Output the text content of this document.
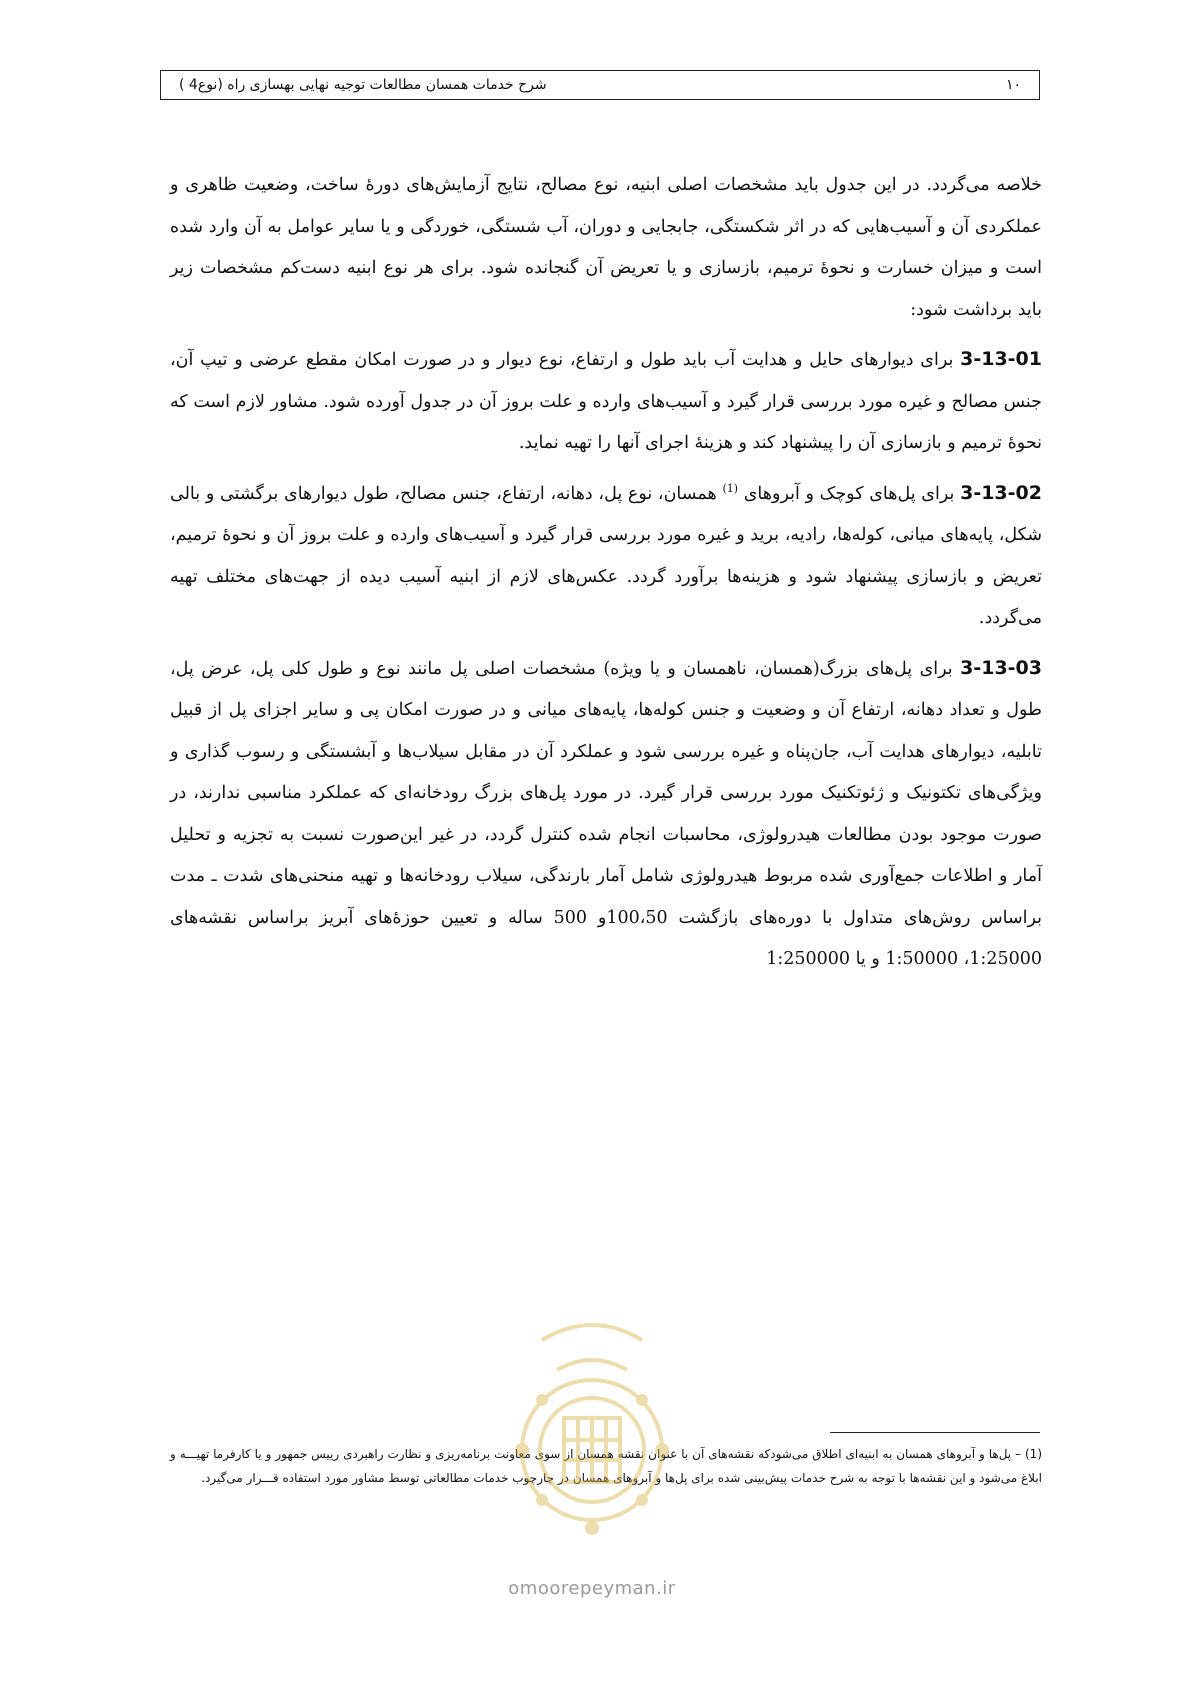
شرح خدمات همسان مطالعات توجیه نهایی بهسازی راه (نوع4 )	۱۰

خلاصه می‌گردد. در این جدول باید مشخصات اصلی ابنیه، نوع مصالح، نتایج آزمایش‌های دورهٔ ساخت، وضعیت ظاهری و عملکردی آن و آسیب‌هایی که در اثر شکستگی، جابجایی و دوران، آب شستگی، خوردگی و یا سایر عوامل به آن وارد شده است و میزان خسارت و نحوهٔ ترمیم، بازسازی و یا تعریض آن گنجانده شود. برای هر نوع ابنیه دست‌کم مشخصات زیر باید برداشت شود:

3-13-01 برای دیوارهای حایل و هدایت آب باید طول و ارتفاع، نوع دیوار و در صورت امکان مقطع عرضی و تیپ آن، جنس مصالح و غیره مورد بررسی قرار گیرد و آسیب‌های وارده و علت بروز آن در جدول آورده شود. مشاور لازم است که نحوهٔ ترمیم و بازسازی آن را پیشنهاد کند و هزینهٔ اجرای آنها را تهیه نماید.

3-13-02 برای پل‌های کوچک و آبروهای $^{(1)}$ همسان، نوع پل، دهانه، ارتفاع، جنس مصالح، طول دیوارهای برگشتی و بالی شکل، پایه‌های میانی، کوله‌ها، رادیه، برید و غیره مورد بررسی قرار گیرد و آسیب‌های وارده و علت بروز آن و نحوهٔ ترمیم، تعریض و بازسازی پیشنهاد شود و هزینه‌ها برآورد گردد. عکس‌های لازم از ابنیه آسیب دیده از جهت‌های مختلف تهیه می‌گردد.

3-13-03 برای پل‌های بزرگ(همسان، ناهمسان و یا ویژه) مشخصات اصلی پل مانند نوع و طول کلی پل، عرض پل، طول و تعداد دهانه، ارتفاع آن و وضعیت و جنس کوله‌ها، پایه‌های میانی و در صورت امکان پی و سایر اجزای پل از قبیل تابلیه، دیوارهای هدایت آب، جان‌پناه و غیره بررسی شود و عملکرد آن در مقابل سیلاب‌ها و آبشستگی و رسوب گذاری و ویژگی‌های تکتونیک و ژئوتکنیک مورد بررسی قرار گیرد. در مورد پل‌های بزرگ رودخانه‌ای که عملکرد مناسبی ندارند، در صورت موجود بودن مطالعات هیدرولوژی، محاسبات انجام شده کنترل گردد، در غیر این‌صورت نسبت به تجزیه و تحلیل آمار و اطلاعات جمع‌آوری شده مربوط هیدرولوژی شامل آمار بارندگی، سیلاب رودخانه‌ها و تهیه منحنی‌های شدت ـ مدت براساس روش‌های متداول با دوره‌های بازگشت 100،50و 500 ساله و تعیین حوزهٔ‌های آبریز براساس نقشه‌های 1:25000، 1:50000 و یا 1:250000

(1) – پل‌ها و آبروهای همسان به ابنیه‌ای اطلاق می‌شودکه نقشه‌های آن با عنوان نقشه همسان از سوی معاونت برنامه‌ریزی و نظارت راهبردی رییس جمهور و یا کارفرما تهیـــه و ابلاغ می‌شود و این نقشه‌ها با توجه به شرح خدمات پیش‌بینی شده برای پل‌ها و آبروهای همسان در چارچوب خدمات مطالعاتی توسط مشاور مورد استفاده قـــرار می‌گیرد.
omoorepeyman.ir
